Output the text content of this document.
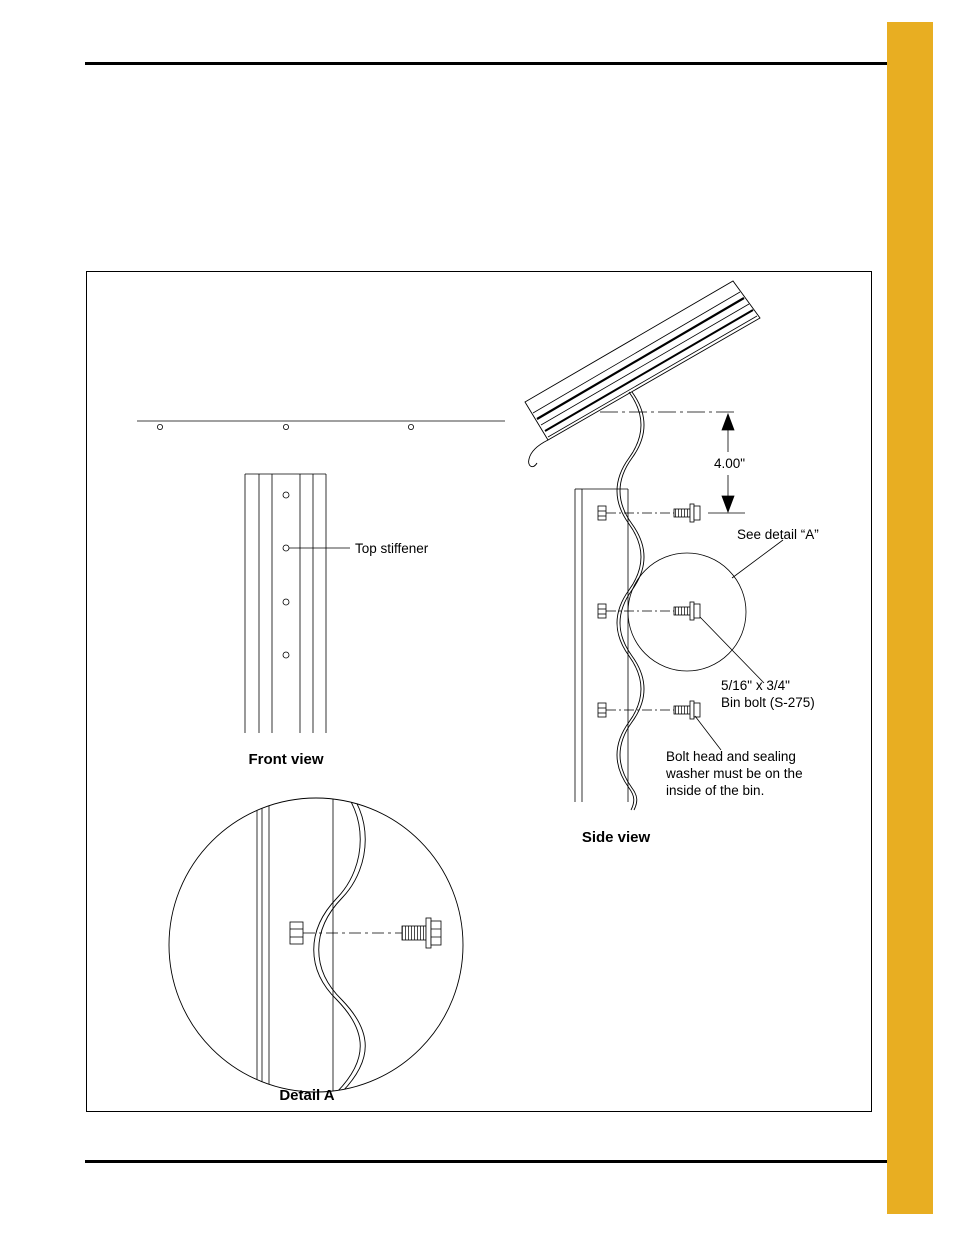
Top stiffener
Front view
4.00"
See detail “A”
5/16" x 3/4"
Bin bolt (S-275)
Bolt head and sealing
washer must be on the
inside of the bin.
Side view
Detail A
